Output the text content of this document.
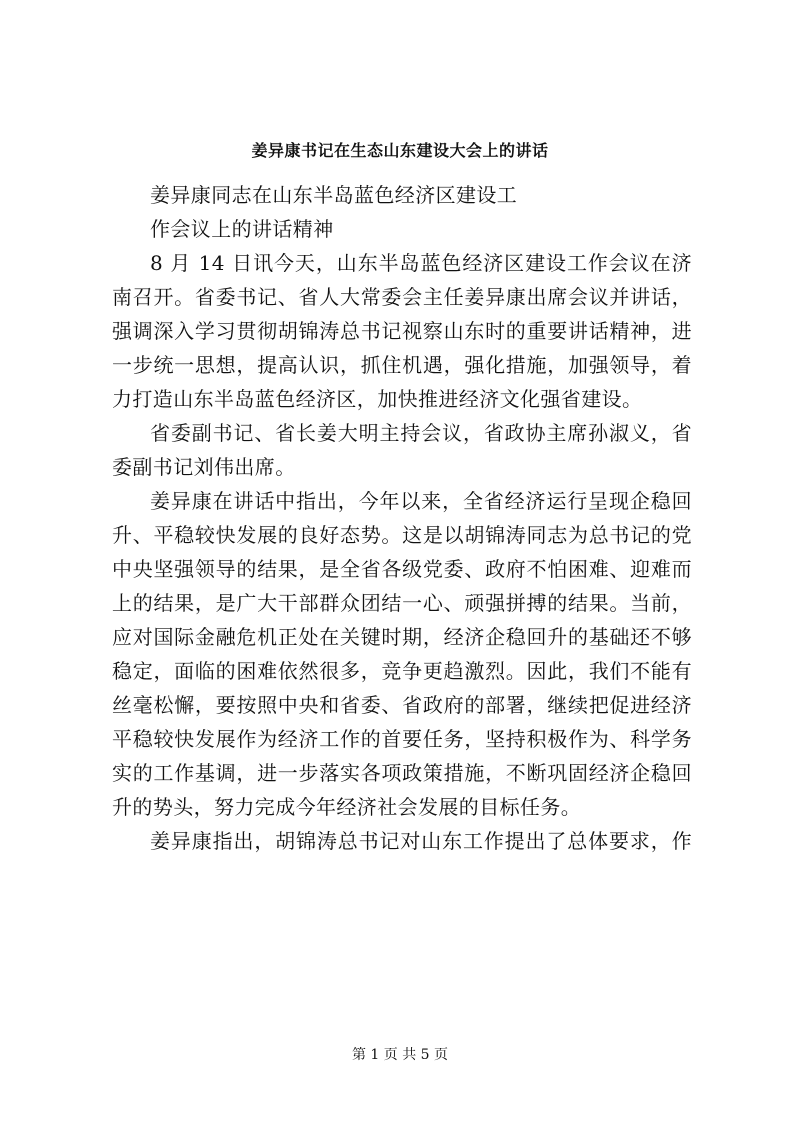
姜异康书记在生态山东建设大会上的讲话
姜异康同志在山东半岛蓝色经济区建设工
作会议上的讲话精神
8 月 14 日讯今天，山东半岛蓝色经济区建设工作会议在济
南召开。省委书记、省人大常委会主任姜异康出席会议并讲话，
强调深入学习贯彻胡锦涛总书记视察山东时的重要讲话精神，进
一步统一思想，提高认识，抓住机遇，强化措施，加强领导，着
力打造山东半岛蓝色经济区，加快推进经济文化强省建设。
省委副书记、省长姜大明主持会议，省政协主席孙淑义，省
委副书记刘伟出席。
姜异康在讲话中指出，今年以来，全省经济运行呈现企稳回
升、平稳较快发展的良好态势。这是以胡锦涛同志为总书记的党
中央坚强领导的结果，是全省各级党委、政府不怕困难、迎难而
上的结果，是广大干部群众团结一心、顽强拼搏的结果。当前，
应对国际金融危机正处在关键时期，经济企稳回升的基础还不够
稳定，面临的困难依然很多，竞争更趋激烈。因此，我们不能有
丝毫松懈，要按照中央和省委、省政府的部署，继续把促进经济
平稳较快发展作为经济工作的首要任务，坚持积极作为、科学务
实的工作基调，进一步落实各项政策措施，不断巩固经济企稳回
升的势头，努力完成今年经济社会发展的目标任务。
姜异康指出，胡锦涛总书记对山东工作提出了总体要求，作
第 1 页 共 5 页
